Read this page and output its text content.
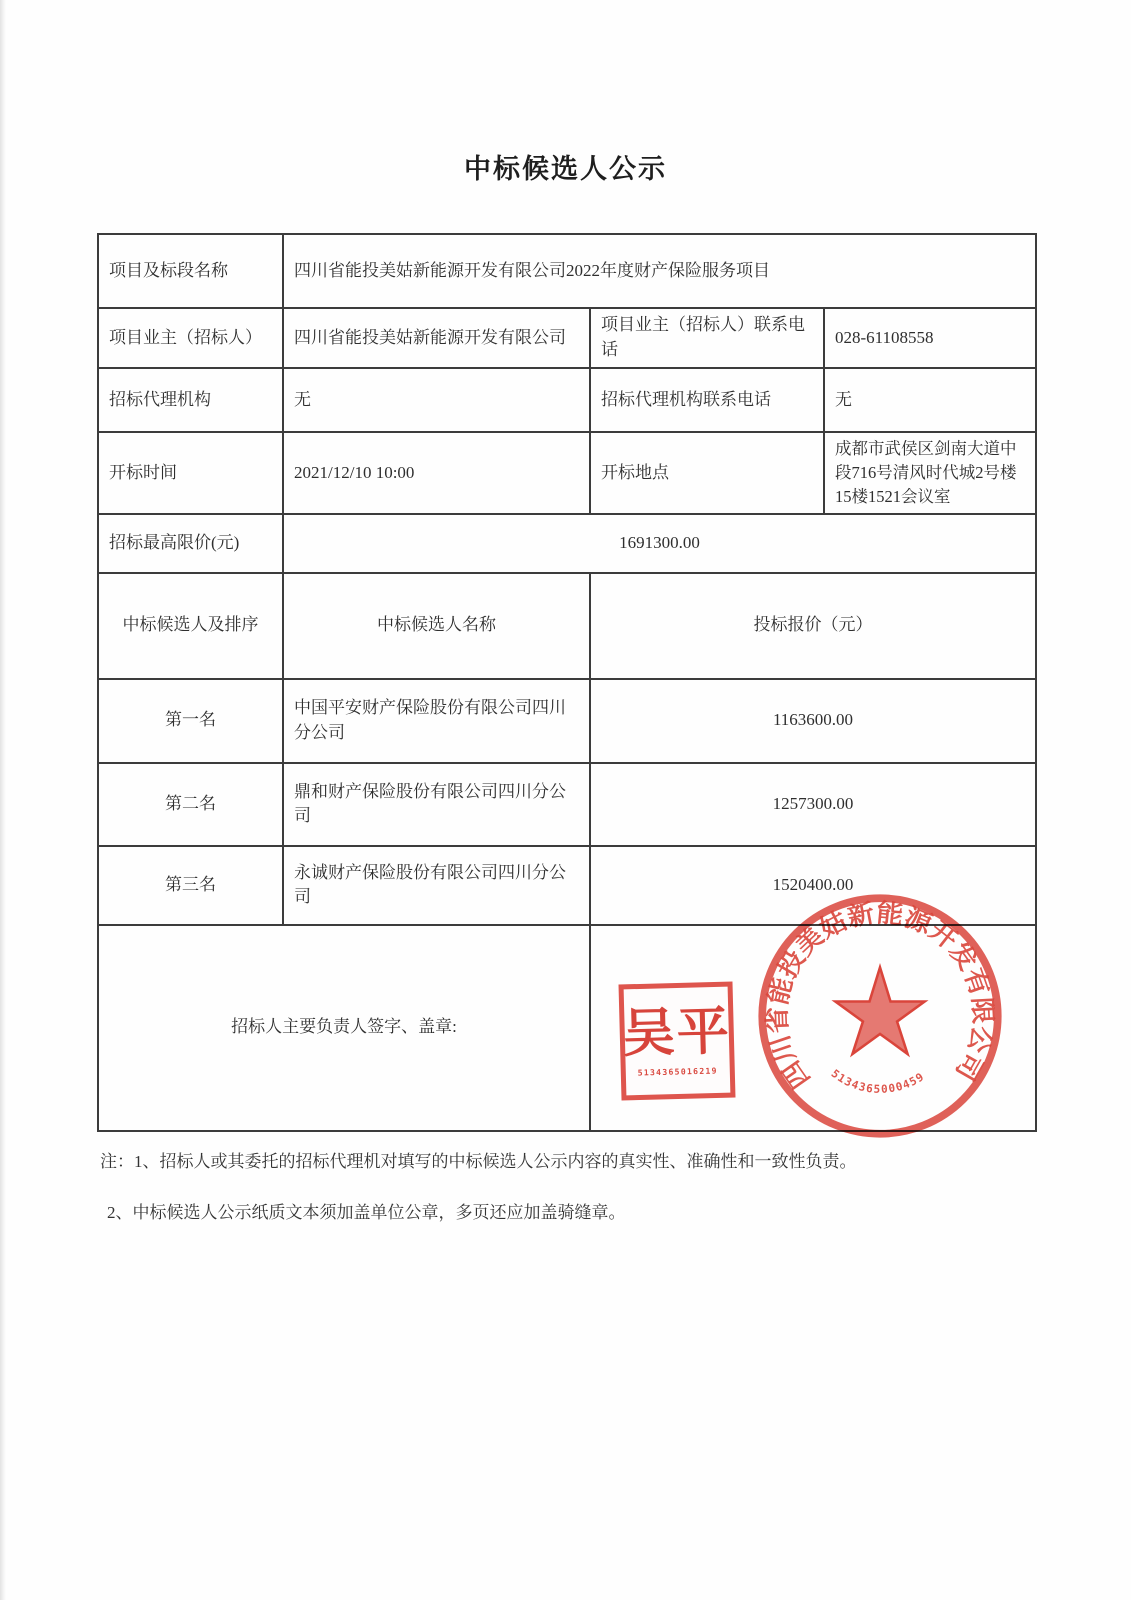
中标候选人公示
项目及标段名称	四川省能投美姑新能源开发有限公司2022年度财产保险服务项目		
项目业主（招标人）	四川省能投美姑新能源开发有限公司	项目业主（招标人）联系电话	028-61108558
招标代理机构	无	招标代理机构联系电话	无
开标时间	2021/12/10 10:00	开标地点	成都市武侯区剑南大道中段716号清风时代城2号楼15楼1521会议室
招标最高限价(元)	1691300.00		
中标候选人及排序	中标候选人名称	投标报价（元）	
第一名	中国平安财产保险股份有限公司四川分公司	1163600.00	
第二名	鼎和财产保险股份有限公司四川分公司	1257300.00	
第三名	永诚财产保险股份有限公司四川分公司	1520400.00	
招标人主要负责人签字、盖章:				吴平
5134365016219	四川省能投美姑新能源开发有限公司
5134365000459
注：1、招标人或其委托的招标代理机对填写的中标候选人公示内容的真实性、准确性和一致性负责。
2、中标候选人公示纸质文本须加盖单位公章，多页还应加盖骑缝章。
